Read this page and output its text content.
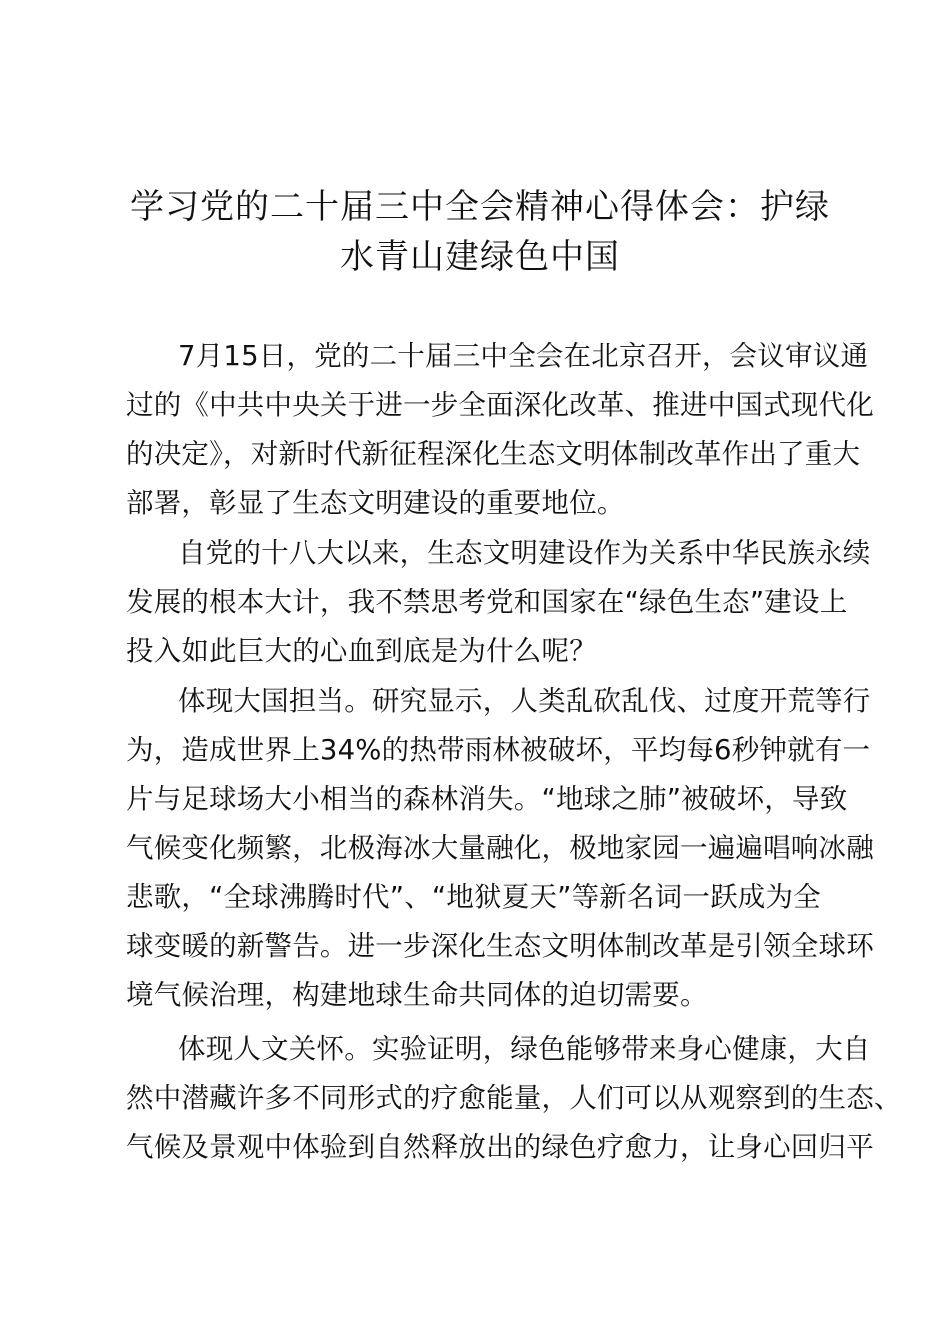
学习党的二十届三中全会精神心得体会：护绿
水青山建绿色中国

7月15日，党的二十届三中全会在北京召开，会议审议通
过的《中共中央关于进一步全面深化改革、推进中国式现代化
的决定》，对新时代新征程深化生态文明体制改革作出了重大
部署，彰显了生态文明建设的重要地位。

自党的十八大以来，生态文明建设作为关系中华民族永续
发展的根本大计，我不禁思考党和国家在“绿色生态”建设上
投入如此巨大的心血到底是为什么呢？

体现大国担当。研究显示，人类乱砍乱伐、过度开荒等行
为，造成世界上34%的热带雨林被破坏，平均每6秒钟就有一
片与足球场大小相当的森林消失。“地球之肺”被破坏，导致
气候变化频繁，北极海冰大量融化，极地家园一遍遍唱响冰融
悲歌，“全球沸腾时代”、“地狱夏天”等新名词一跃成为全
球变暖的新警告。进一步深化生态文明体制改革是引领全球环
境气候治理，构建地球生命共同体的迫切需要。

体现人文关怀。实验证明，绿色能够带来身心健康，大自
然中潜藏许多不同形式的疗愈能量，人们可以从观察到的生态、
气候及景观中体验到自然释放出的绿色疗愈力，让身心回归平
